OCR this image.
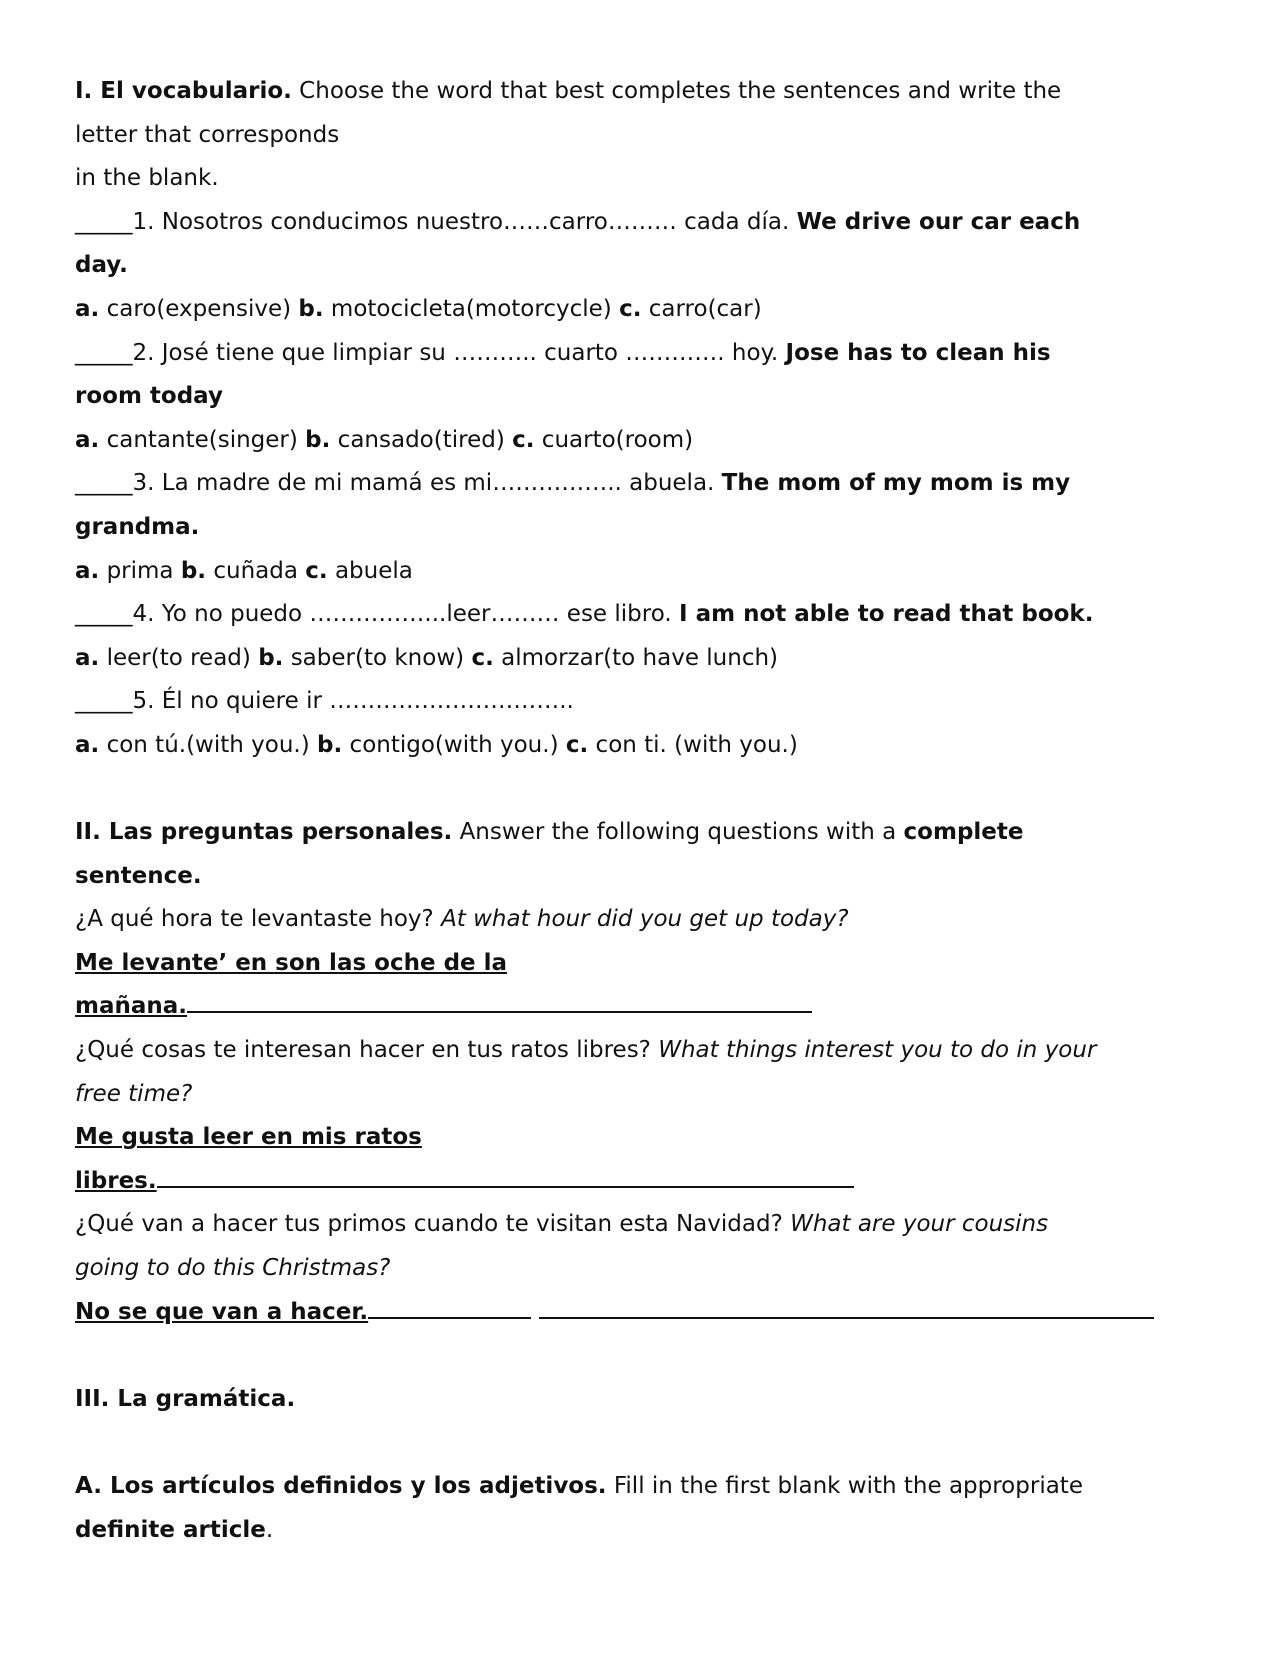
I. El vocabulario. Choose the word that best completes the sentences and write the
letter that corresponds
in the blank.
_____1. Nosotros conducimos nuestro……carro……… cada día. We drive our car each
day.
a. caro(expensive) b. motocicleta(motorcycle) c. carro(car)
_____2. José tiene que limpiar su ……….. cuarto …………. hoy. Jose has to clean his
room today
a. cantante(singer) b. cansado(tired) c. cuarto(room)
_____3. La madre de mi mamá es mi…………….. abuela. The mom of my mom is my
grandma.
a. prima b. cuñada c. abuela
_____4. Yo no puedo ……………...leer……… ese libro. I am not able to read that book.
a. leer(to read) b. saber(to know) c. almorzar(to have lunch)
_____5. Él no quiere ir …………………………..
a. con tú.(with you.) b. contigo(with you.) c. con ti. (with you.)
II. Las preguntas personales. Answer the following questions with a complete
sentence.
¿A qué hora te levantaste hoy? At what hour did you get up today?
Me levante’ en son las oche de la
mañana.
¿Qué cosas te interesan hacer en tus ratos libres? What things interest you to do in your
free time?
Me gusta leer en mis ratos
libres.
¿Qué van a hacer tus primos cuando te visitan esta Navidad? What are your cousins
going to do this Christmas?
No se que van a hacer.
III. La gramática.
A. Los artículos definidos y los adjetivos. Fill in the first blank with the appropriate
definite article.
